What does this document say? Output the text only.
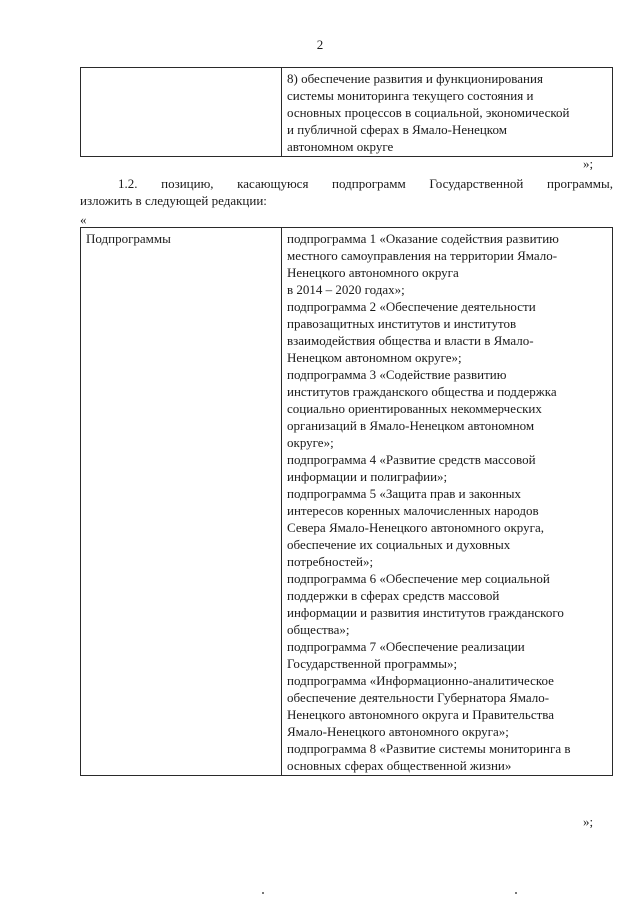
2

8) обеспечение развития и функционирования
системы мониторинга текущего состояния и
основных процессов в социальной, экономической
и публичной сферах в Ямало-Ненецком
автономном округе
»;
1.2. позицию, касающуюся подпрограмм Государственной программы,
изложить в следующей редакции:
«
Подпрограммы	подпрограмма 1 «Оказание содействия развитию
местного самоуправления на территории Ямало-
Ненецкого автономного округа
в 2014 – 2020 годах»;
подпрограмма 2 «Обеспечение деятельности
правозащитных институтов и институтов
взаимодействия общества и власти в Ямало-
Ненецком автономном округе»;
подпрограмма 3 «Содействие развитию
институтов гражданского общества и поддержка
социально ориентированных некоммерческих
организаций в Ямало-Ненецком автономном
округе»;
подпрограмма 4 «Развитие средств массовой
информации и полиграфии»;
подпрограмма 5 «Защита прав и законных
интересов коренных малочисленных народов
Севера Ямало-Ненецкого автономного округа,
обеспечение их социальных и духовных
потребностей»;
подпрограмма 6 «Обеспечение мер социальной
поддержки в сферах средств массовой
информации и развития институтов гражданского
общества»;
подпрограмма 7 «Обеспечение реализации
Государственной программы»;
подпрограмма «Информационно-аналитическое
обеспечение деятельности Губернатора Ямало-
Ненецкого автономного округа и Правительства
Ямало-Ненецкого автономного округа»;
подпрограмма 8 «Развитие системы мониторинга в
основных сферах общественной жизни»
»;
